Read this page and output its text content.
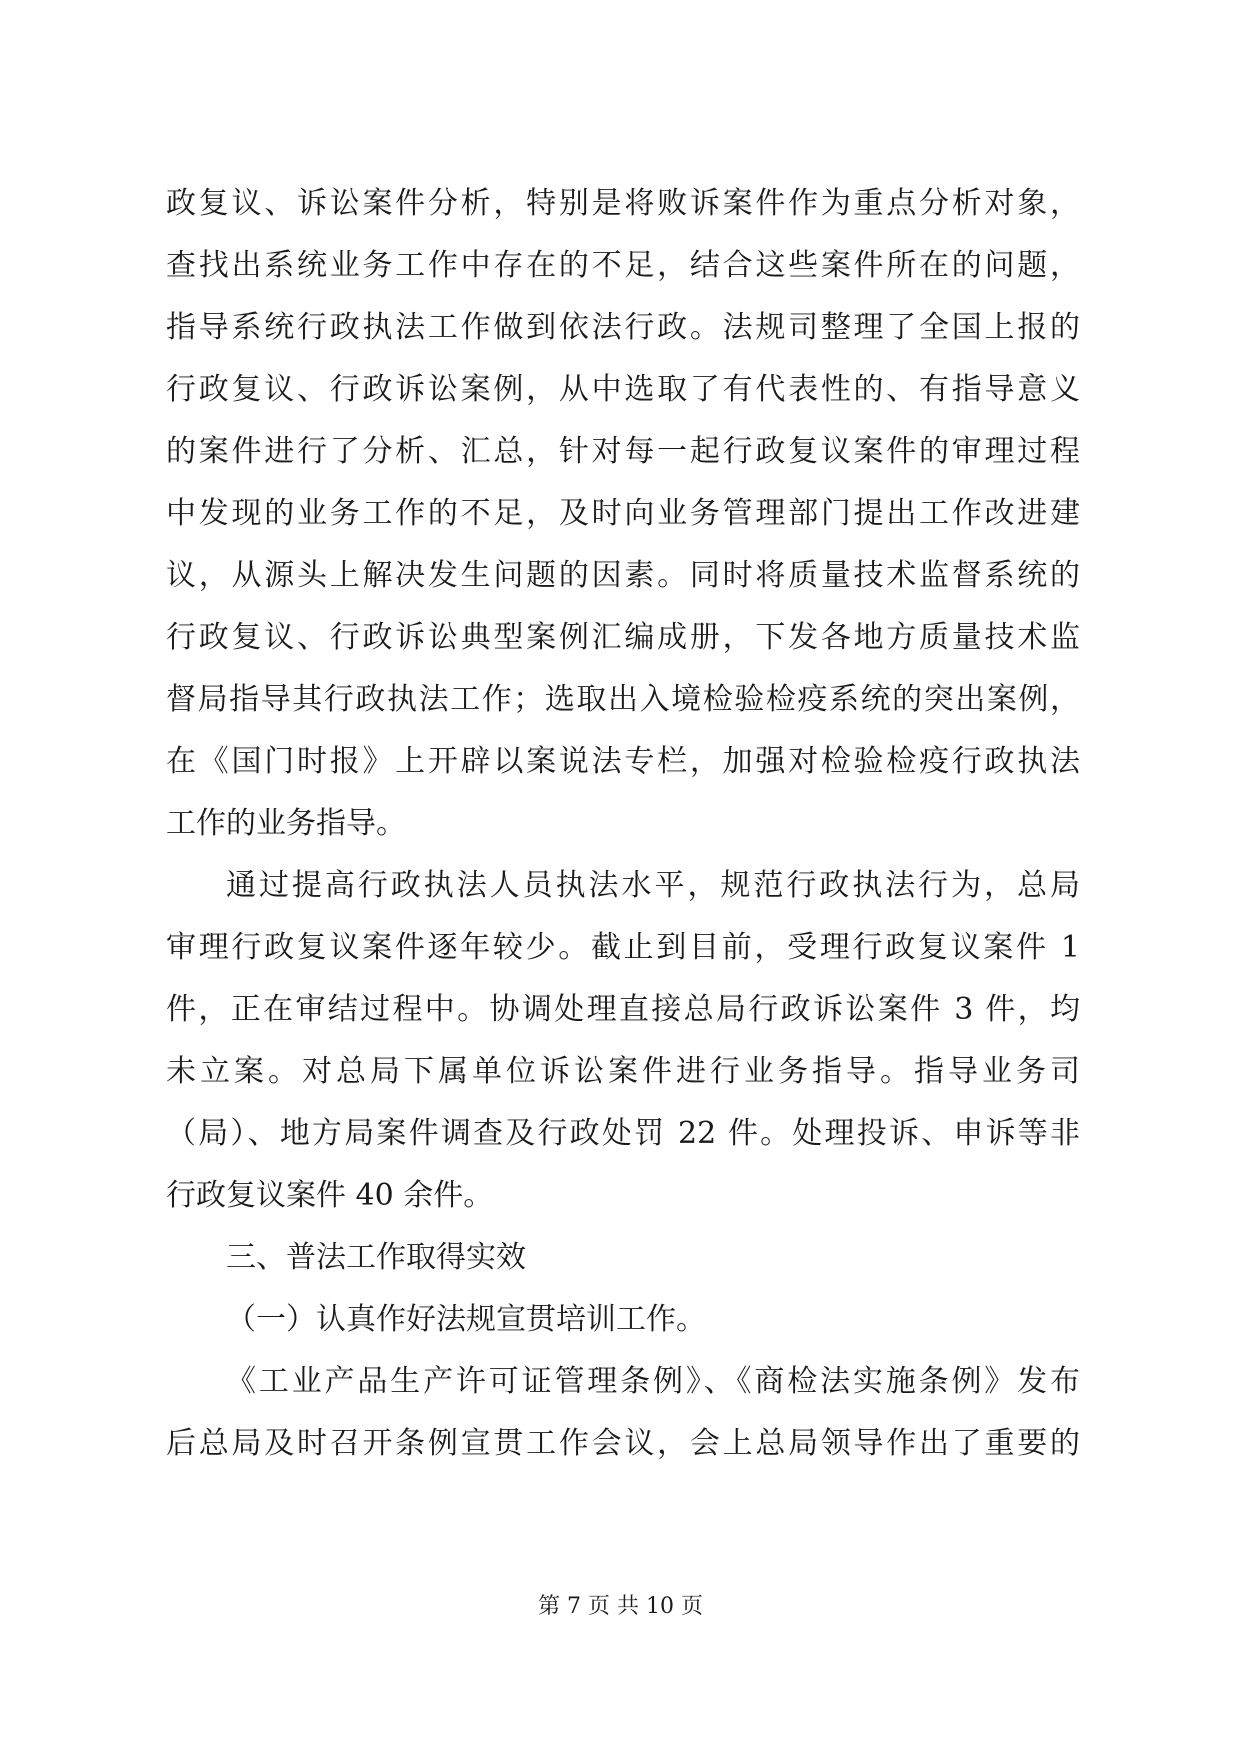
政复议、诉讼案件分析，特别是将败诉案件作为重点分析对象，
查找出系统业务工作中存在的不足，结合这些案件所在的问题，
指导系统行政执法工作做到依法行政。法规司整理了全国上报的
行政复议、行政诉讼案例，从中选取了有代表性的、有指导意义
的案件进行了分析、汇总，针对每一起行政复议案件的审理过程
中发现的业务工作的不足，及时向业务管理部门提出工作改进建
议，从源头上解决发生问题的因素。同时将质量技术监督系统的
行政复议、行政诉讼典型案例汇编成册，下发各地方质量技术监
督局指导其行政执法工作；选取出入境检验检疫系统的突出案例，
在《国门时报》上开辟以案说法专栏，加强对检验检疫行政执法
工作的业务指导。
通过提高行政执法人员执法水平，规范行政执法行为，总局
审理行政复议案件逐年较少。截止到目前，受理行政复议案件 1
件，正在审结过程中。协调处理直接总局行政诉讼案件 3 件，均
未立案。对总局下属单位诉讼案件进行业务指导。指导业务司
（局）、地方局案件调查及行政处罚 22 件。处理投诉、申诉等非
行政复议案件 40 余件。
三、普法工作取得实效
（一）认真作好法规宣贯培训工作。
《工业产品生产许可证管理条例》、《商检法实施条例》发布
后总局及时召开条例宣贯工作会议，会上总局领导作出了重要的
第 7 页 共 10 页
